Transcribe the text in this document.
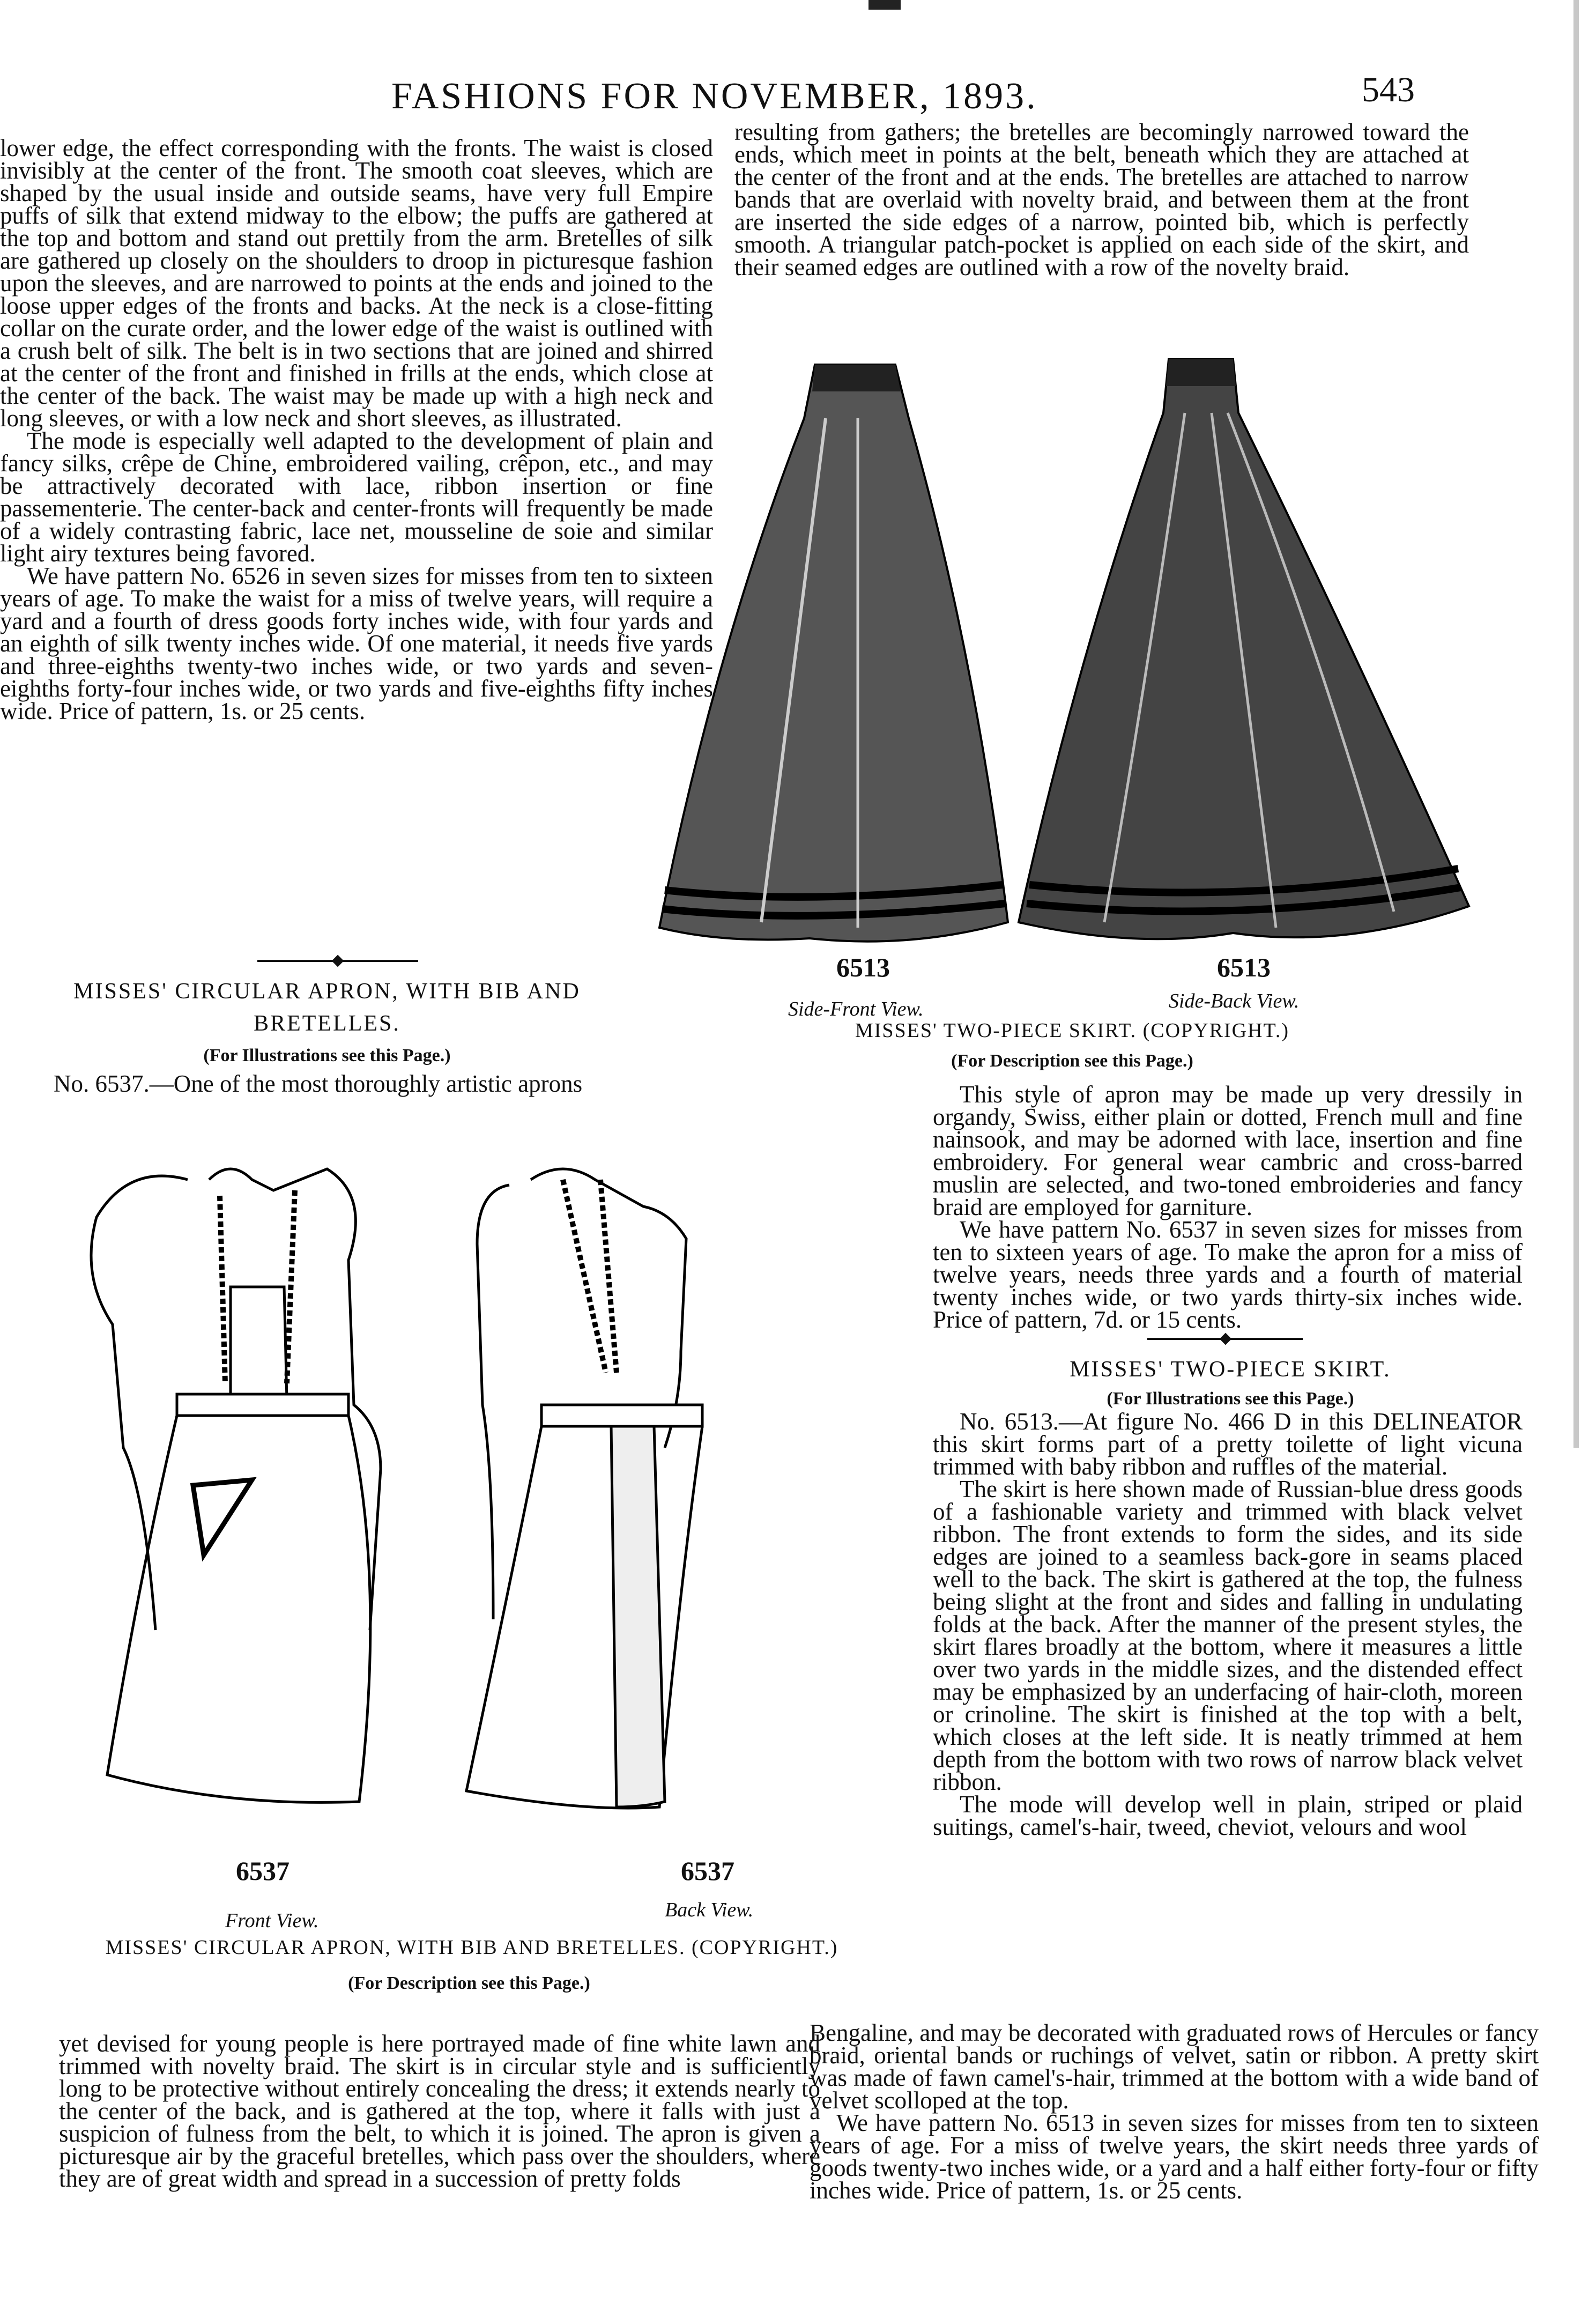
FASHIONS FOR NOVEMBER, 1893.	543

lower edge, the effect corresponding with the fronts. The waist is closed invisibly at the center of the front. The smooth coat sleeves, which are shaped by the usual inside and outside seams, have very full Empire puffs of silk that extend midway to the elbow; the puffs are gathered at the top and bottom and stand out prettily from the arm. Bretelles of silk are gathered up closely on the shoulders to droop in picturesque fashion upon the sleeves, and are narrowed to points at the ends and joined to the loose upper edges of the fronts and backs. At the neck is a close-fitting collar on the curate order, and the lower edge of the waist is outlined with a crush belt of silk. The belt is in two sections that are joined and shirred at the center of the front and finished in frills at the ends, which close at the center of the back. The waist may be made up with a high neck and long sleeves, or with a low neck and short sleeves, as illustrated.

The mode is especially well adapted to the development of plain and fancy silks, crêpe de Chine, embroidered vailing, crêpon, etc., and may be attractively decorated with lace, ribbon insertion or fine passementerie. The center-back and center-fronts will frequently be made of a widely contrasting fabric, lace net, mousseline de soie and similar light airy textures being favored.

We have pattern No. 6526 in seven sizes for misses from ten to sixteen years of age. To make the waist for a miss of twelve years, will require a yard and a fourth of dress goods forty inches wide, with four yards and an eighth of silk twenty inches wide. Of one material, it needs five yards and three-eighths twenty-two inches wide, or two yards and seven-eighths forty-four inches wide, or two yards and five-eighths fifty inches wide. Price of pattern, 1s. or 25 cents.

resulting from gathers; the bretelles are becomingly narrowed toward the ends, which meet in points at the belt, beneath which they are attached at the center of the front and at the ends. The bretelles are attached to narrow bands that are overlaid with novelty braid, and between them at the front are inserted the side edges of a narrow, pointed bib, which is perfectly smooth. A triangular patch-pocket is applied on each side of the skirt, and their seamed edges are outlined with a row of the novelty braid.

MISSES' CIRCULAR APRON, WITH BIB AND
BRETELLES.
(For Illustrations see this Page.)

No. 6537.—One of the most thoroughly artistic aprons

6513	6513
Side-Front View.	Side-Back View.
MISSES' TWO-PIECE SKIRT. (COPYRIGHT.)
(For Description see this Page.)

This style of apron may be made up very dressily in organdy, Swiss, either plain or dotted, French mull and fine nainsook, and may be adorned with lace, insertion and fine embroidery. For general wear cambric and cross-barred muslin are selected, and two-toned embroideries and fancy braid are employed for garniture.

We have pattern No. 6537 in seven sizes for misses from ten to sixteen years of age. To make the apron for a miss of twelve years, needs three yards and a fourth of material twenty inches wide, or two yards thirty-six inches wide. Price of pattern, 7d. or 15 cents.

MISSES' TWO-PIECE SKIRT.
(For Illustrations see this Page.)

No. 6513.—At figure No. 466 D in this DELINEATOR this skirt forms part of a pretty toilette of light vicuna trimmed with baby ribbon and ruffles of the material.

The skirt is here shown made of Russian-blue dress goods of a fashionable variety and trimmed with black velvet ribbon. The front extends to form the sides, and its side edges are joined to a seamless back-gore in seams placed well to the back. The skirt is gathered at the top, the fulness being slight at the front and sides and falling in undulating folds at the back. After the manner of the present styles, the skirt flares broadly at the bottom, where it measures a little over two yards in the middle sizes, and the distended effect may be emphasized by an underfacing of hair-cloth, moreen or crinoline. The skirt is finished at the top with a belt, which closes at the left side. It is neatly trimmed at hem depth from the bottom with two rows of narrow black velvet ribbon.

The mode will develop well in plain, striped or plaid suitings, camel's-hair, tweed, cheviot, velours and wool

6537	6537
Front View.	Back View.
MISSES' CIRCULAR APRON, WITH BIB AND BRETELLES. (COPYRIGHT.)
(For Description see this Page.)

yet devised for young people is here portrayed made of fine white lawn and trimmed with novelty braid. The skirt is in circular style and is sufficiently long to be protective without entirely concealing the dress; it extends nearly to the center of the back, and is gathered at the top, where it falls with just a suspicion of fulness from the belt, to which it is joined. The apron is given a picturesque air by the graceful bretelles, which pass over the shoulders, where they are of great width and spread in a succession of pretty folds

Bengaline, and may be decorated with graduated rows of Hercules or fancy braid, oriental bands or ruchings of velvet, satin or ribbon. A pretty skirt was made of fawn camel's-hair, trimmed at the bottom with a wide band of velvet scolloped at the top.

We have pattern No. 6513 in seven sizes for misses from ten to sixteen years of age. For a miss of twelve years, the skirt needs three yards of goods twenty-two inches wide, or a yard and a half either forty-four or fifty inches wide. Price of pattern, 1s. or 25 cents.
